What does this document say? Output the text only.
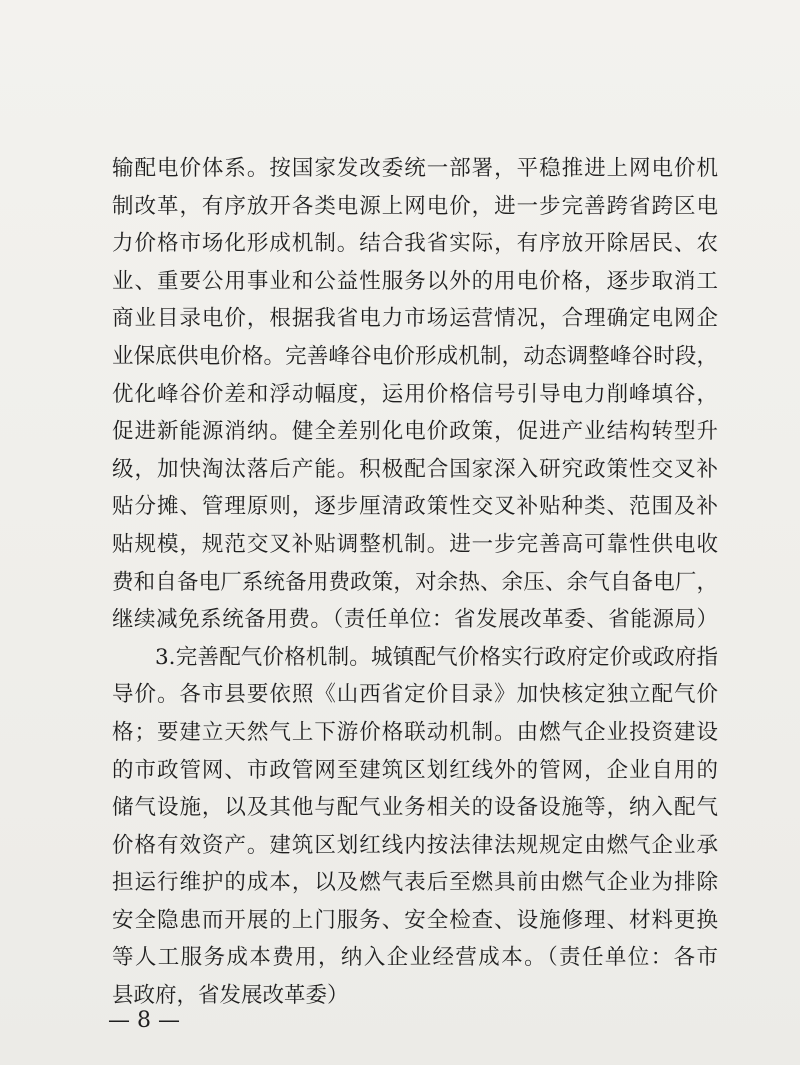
输配电价体系。按国家发改委统一部署，平稳推进上网电价机
制改革，有序放开各类电源上网电价，进一步完善跨省跨区电
力价格市场化形成机制。结合我省实际，有序放开除居民、农
业、重要公用事业和公益性服务以外的用电价格，逐步取消工
商业目录电价，根据我省电力市场运营情况，合理确定电网企
业保底供电价格。完善峰谷电价形成机制，动态调整峰谷时段，
优化峰谷价差和浮动幅度，运用价格信号引导电力削峰填谷，
促进新能源消纳。健全差别化电价政策，促进产业结构转型升
级，加快淘汰落后产能。积极配合国家深入研究政策性交叉补
贴分摊、管理原则，逐步厘清政策性交叉补贴种类、范围及补
贴规模，规范交叉补贴调整机制。进一步完善高可靠性供电收
费和自备电厂系统备用费政策，对余热、余压、余气自备电厂，
继续减免系统备用费。（责任单位：省发展改革委、省能源局）
3.完善配气价格机制。城镇配气价格实行政府定价或政府指
导价。各市县要依照《山西省定价目录》加快核定独立配气价
格；要建立天然气上下游价格联动机制。由燃气企业投资建设
的市政管网、市政管网至建筑区划红线外的管网，企业自用的
储气设施，以及其他与配气业务相关的设备设施等，纳入配气
价格有效资产。建筑区划红线内按法律法规规定由燃气企业承
担运行维护的成本，以及燃气表后至燃具前由燃气企业为排除
安全隐患而开展的上门服务、安全检查、设施修理、材料更换
等人工服务成本费用，纳入企业经营成本。（责任单位：各市
县政府，省发展改革委）
— 8 —
